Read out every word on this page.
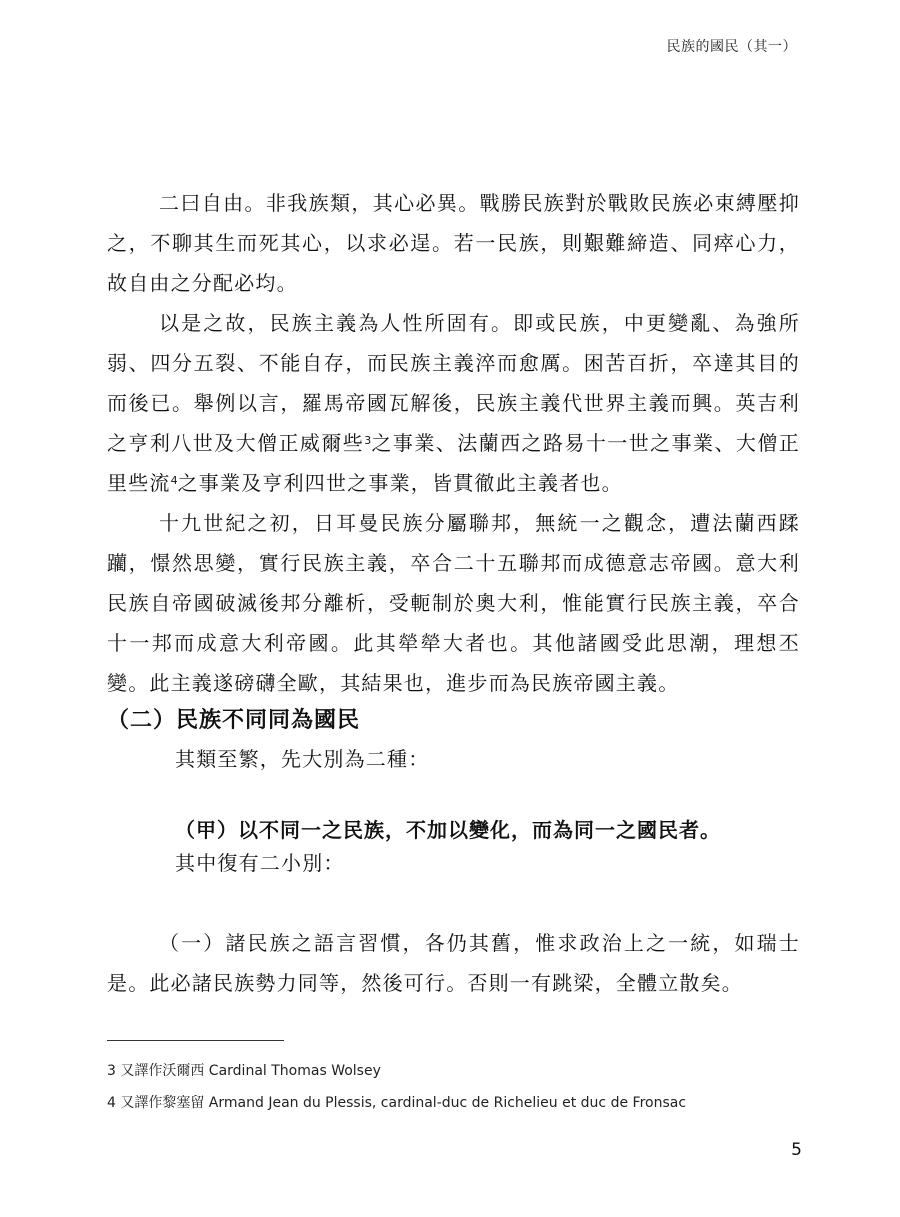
民族的國民（其一）

二曰自由。非我族類，其心必異。戰勝民族對於戰敗民族必束縛壓抑之，不聊其生而死其心，以求必逞。若一民族，則艱難締造、同瘁心力，故自由之分配必均。

以是之故，民族主義為人性所固有。即或民族，中更變亂、為強所弱、四分五裂、不能自存，而民族主義淬而愈厲。困苦百折，卒達其目的而後已。舉例以言，羅馬帝國瓦解後，民族主義代世界主義而興。英吉利之亨利八世及大僧正威爾些$^3$之事業、法蘭西之路易十一世之事業、大僧正里些流$^4$之事業及亨利四世之事業，皆貫徹此主義者也。

十九世紀之初，日耳曼民族分屬聯邦，無統一之觀念，遭法蘭西蹂躪，憬然思變，實行民族主義，卒合二十五聯邦而成德意志帝國。意大利民族自帝國破滅後邦分離析，受軛制於奧大利，惟能實行民族主義，卒合十一邦而成意大利帝國。此其犖犖大者也。其他諸國受此思潮，理想丕變。此主義遂磅礴全歐，其結果也，進步而為民族帝國主義。

（二）民族不同同為國民
其類至繁，先大別為二種：
（甲）以不同一之民族，不加以變化，而為同一之國民者。
其中復有二小別：

（一）諸民族之語言習慣，各仍其舊，惟求政治上之一統，如瑞士是。此必諸民族勢力同等，然後可行。否則一有跳梁，全體立散矣。

3 又譯作沃爾西 Cardinal Thomas Wolsey
4 又譯作黎塞留 Armand Jean du Plessis, cardinal-duc de Richelieu et duc de Fronsac
5
